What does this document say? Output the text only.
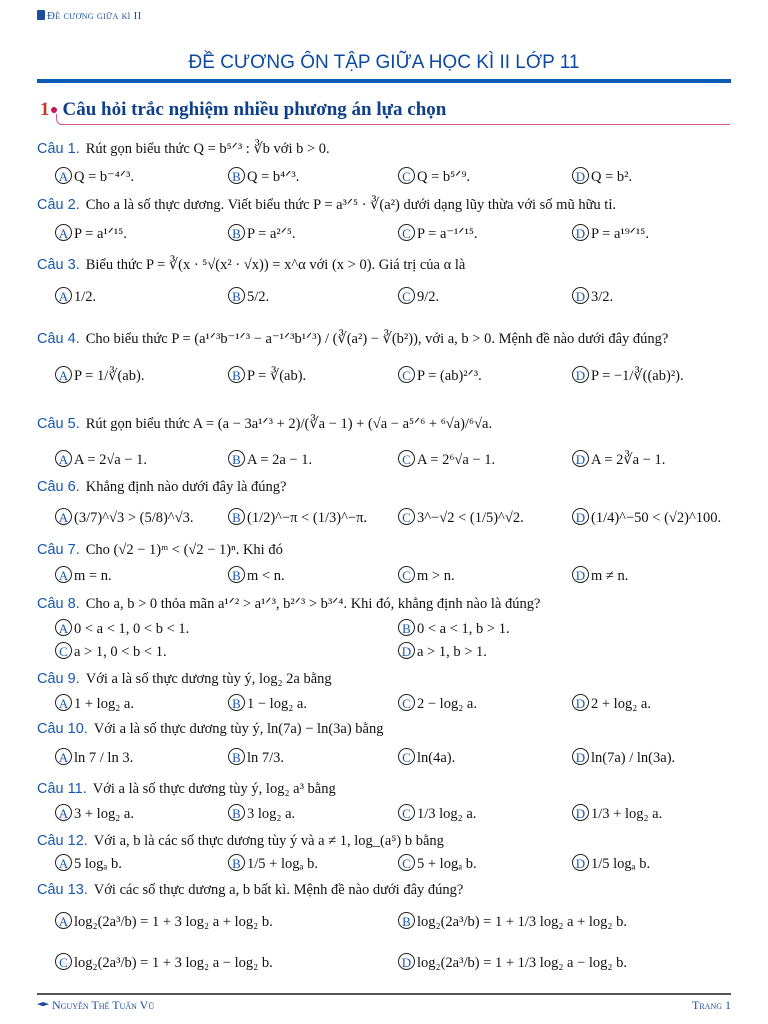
Đề cương giữa kì II
ĐỀ CƯƠNG ÔN TẬP GIỮA HỌC KÌ II LỚP 11
1 Câu hỏi trắc nghiệm nhiều phương án lựa chọn
Câu 1. Rút gọn biểu thức Q = b⁵ᐟ³ : ∛b với b > 0.
A Q = b⁻⁴ᐟ³.	B Q = b⁴ᐟ³.	C Q = b⁵ᐟ⁹.	D Q = b².
Câu 2. Cho a là số thực dương. Viết biểu thức P = a³ᐟ⁵ · ∛(a²) dưới dạng lũy thừa với số mũ hữu tỉ.
A P = a¹ᐟ¹⁵.	B P = a²ᐟ⁵.	C P = a⁻¹ᐟ¹⁵.	D P = a¹⁹ᐟ¹⁵.
Câu 3. Biểu thức P = ∛(x · ⁵√(x² · √x)) = x^α với (x > 0). Giá trị của α là
A 1/2.	B 5/2.	C 9/2.	D 3/2.
Câu 4. Cho biểu thức P = (a¹ᐟ³b⁻¹ᐟ³ − a⁻¹ᐟ³b¹ᐟ³) / (∛(a²) − ∛(b²)), với a, b > 0. Mệnh đề nào dưới đây đúng?
A P = 1/∛(ab).	B P = ∛(ab).	C P = (ab)²ᐟ³.	D P = −1/∛((ab)²).
Câu 5. Rút gọn biểu thức A = (a − 3a¹ᐟ³ + 2)/(∛a − 1) + (√a − a⁵ᐟ⁶ + ⁶√a)/⁶√a.
A A = 2√a − 1.	B A = 2a − 1.	C A = 2⁶√a − 1.	D A = 2∛a − 1.
Câu 6. Khẳng định nào dưới đây là đúng?
A (3/7)^√3 > (5/8)^√3.	B (1/2)^−π < (1/3)^−π.	C 3^−√2 < (1/5)^√2.	D (1/4)^−50 < (√2)^100.
Câu 7. Cho (√2 − 1)ᵐ < (√2 − 1)ⁿ. Khi đó
A m = n.	B m < n.	C m > n.	D m ≠ n.
Câu 8. Cho a, b > 0 thỏa mãn a¹ᐟ² > a¹ᐟ³, b²ᐟ³ > b³ᐟ⁴. Khi đó, khẳng định nào là đúng?
A 0 < a < 1, 0 < b < 1.	B 0 < a < 1, b > 1.
C a > 1, 0 < b < 1.	D a > 1, b > 1.
Câu 9. Với a là số thực dương tùy ý, log₂ 2a bằng
A 1 + log₂ a.	B 1 − log₂ a.	C 2 − log₂ a.	D 2 + log₂ a.
Câu 10. Với a là số thực dương tùy ý, ln(7a) − ln(3a) bằng
A ln 7 / ln 3.	B ln 7/3.	C ln(4a).	D ln(7a) / ln(3a).
Câu 11. Với a là số thực dương tùy ý, log₂ a³ bằng
A 3 + log₂ a.	B 3 log₂ a.	C 1/3 log₂ a.	D 1/3 + log₂ a.
Câu 12. Với a, b là các số thực dương tùy ý và a ≠ 1, log_(a⁵) b bằng
A 5 logₐ b.	B 1/5 + logₐ b.	C 5 + logₐ b.	D 1/5 logₐ b.
Câu 13. Với các số thực dương a, b bất kì. Mệnh đề nào dưới đây đúng?
A log₂(2a³/b) = 1 + 3 log₂ a + log₂ b.	B log₂(2a³/b) = 1 + 1/3 log₂ a + log₂ b.
C log₂(2a³/b) = 1 + 3 log₂ a − log₂ b.	D log₂(2a³/b) = 1 + 1/3 log₂ a − log₂ b.
Nguyễn Thế Tuấn Vũ	Trang 1
